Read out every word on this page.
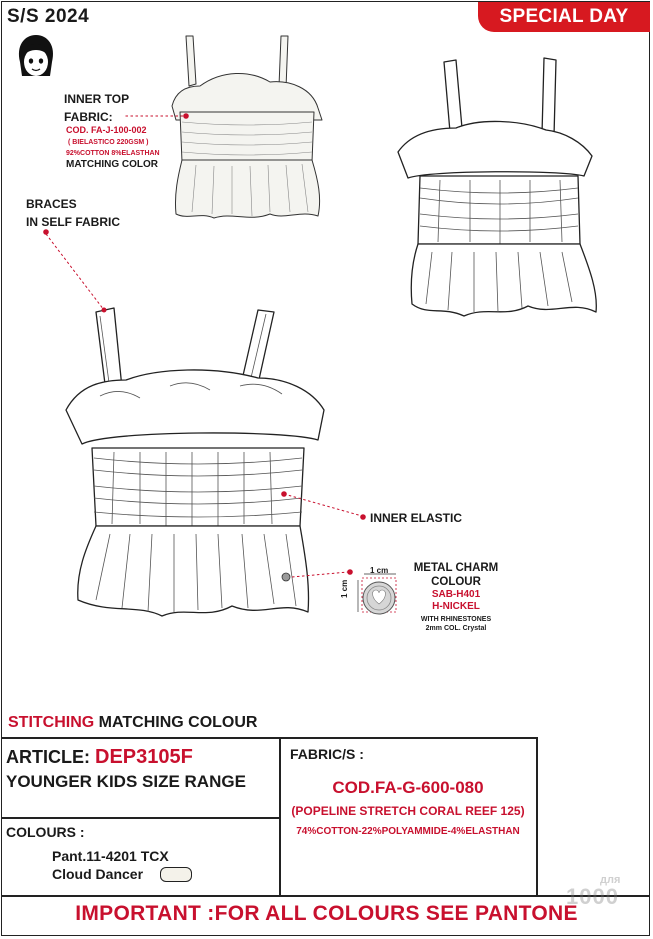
S/S 2024	SPECIAL DAY
INNER TOP
FABRIC:
COD. FA-J-100-002
( BIELASTICO 220GSM )
92%COTTON 8%ELASTHAN
MATCHING COLOR
BRACES
IN SELF FABRIC
INNER ELASTIC
1 cm
1 cm
METAL CHARM
COLOUR
SAB-H401
H-NICKEL
WITH RHINESTONES
2mm COL. Crystal
STITCHING MATCHING COLOUR
ARTICLE: DEP3105F
YOUNGER KIDS SIZE RANGE
FABRIC/S :
COD.FA-G-600-080
(POPELINE STRETCH CORAL REEF 125)
74%COTTON-22%POLYAMMIDE-4%ELASTHAN
COLOURS :
Pant.11-4201 TCX
Cloud Dancer	для
1000
IMPORTANT :FOR ALL COLOURS SEE PANTONE
